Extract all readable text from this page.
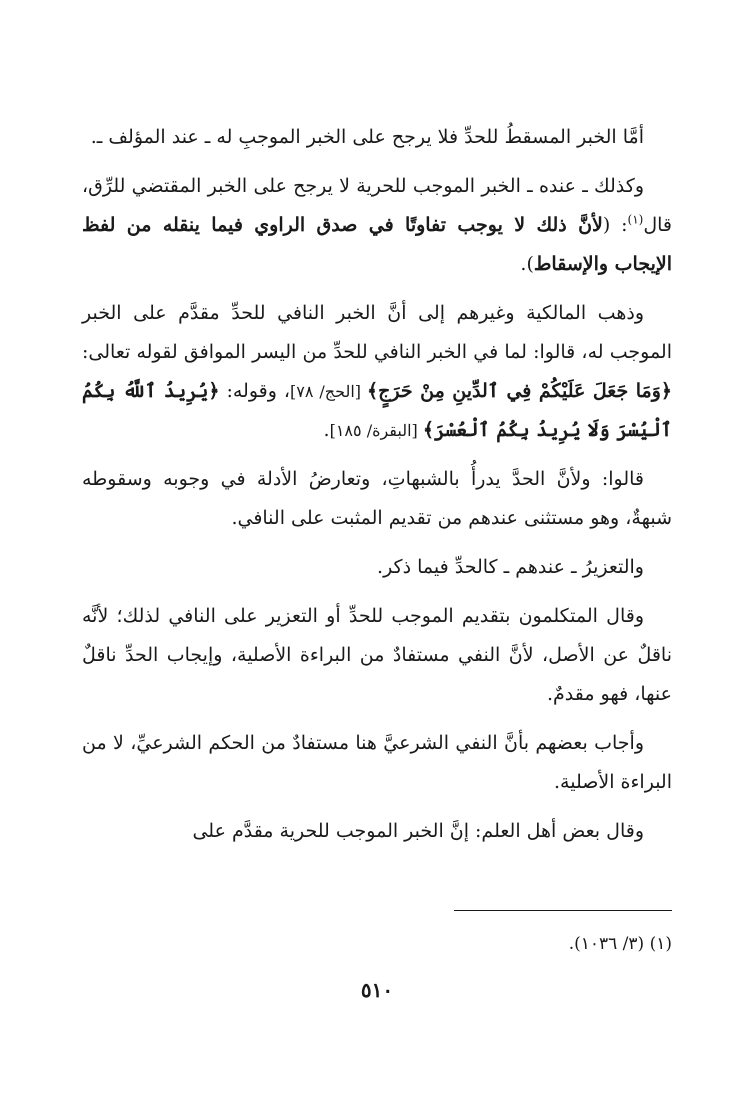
أمَّا الخبر المسقطُ للحدِّ فلا يرجح على الخبر الموجبِ له ـ عند المؤلف ـ.

وكذلك ـ عنده ـ الخبر الموجب للحرية لا يرجح على الخبر المقتضي للرِّق، قال$^{(١)}$: (لأنَّ ذلك لا يوجب تفاوتًا في صدق الراوي فيما ينقله من لفظ الإيجاب والإسقاط).

وذهب المالكية وغيرهم إلى أنَّ الخبر النافي للحدِّ مقدَّم على الخبر الموجب له، قالوا: لما في الخبر النافي للحدِّ من اليسر الموافق لقوله تعالى: ﴿وَمَا جَعَلَ عَلَيْكُمْ فِي ٱلدِّينِ مِنْ حَرَجٍ﴾ [الحج/ ٧٨]، وقوله: ﴿يُرِيدُ ٱللَّهُ بِكُمُ ٱلْيُسْرَ وَلَا يُرِيدُ بِكُمُ ٱلْعُسْرَ﴾ [البقرة/ ١٨٥].

قالوا: ولأنَّ الحدَّ يدرأُ بالشبهاتِ، وتعارضُ الأدلة في وجوبه وسقوطه شبهةٌ، وهو مستثنى عندهم من تقديم المثبت على النافي.

والتعزيرُ ـ عندهم ـ كالحدِّ فيما ذكر.

وقال المتكلمون بتقديم الموجب للحدِّ أو التعزير على النافي لذلك؛ لأنَّه ناقلٌ عن الأصل، لأنَّ النفي مستفادٌ من البراءة الأصلية، وإيجاب الحدِّ ناقلٌ عنها، فهو مقدمٌ.

وأجاب بعضهم بأنَّ النفي الشرعيَّ هنا مستفادٌ من الحكم الشرعيِّ، لا من البراءة الأصلية.

وقال بعض أهل العلم: إنَّ الخبر الموجب للحرية مقدَّم على

(١) (٣/ ١٠٣٦).
٥١٠
